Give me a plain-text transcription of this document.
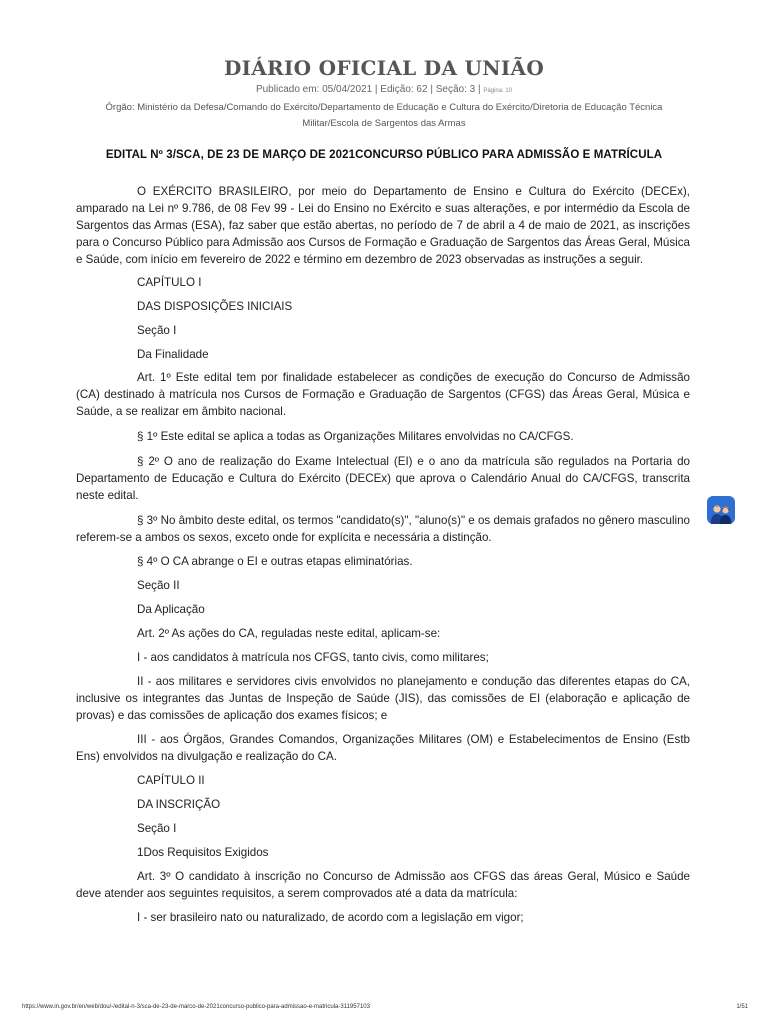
DIÁRIO OFICIAL DA UNIÃO
Publicado em: 05/04/2021 | Edição: 62 | Seção: 3 | Página: 10
Órgão: Ministério da Defesa/Comando do Exército/Departamento de Educação e Cultura do Exército/Diretoria de Educação Técnica
Militar/Escola de Sargentos das Armas
EDITAL Nº 3/SCA, DE 23 DE MARÇO DE 2021CONCURSO PÚBLICO PARA ADMISSÃO E MATRÍCULA

O EXÉRCITO BRASILEIRO, por meio do Departamento de Ensino e Cultura do Exército (DECEx), amparado na Lei nº 9.786, de 08 Fev 99 - Lei do Ensino no Exército e suas alterações, e por intermédio da Escola de Sargentos das Armas (ESA), faz saber que estão abertas, no período de 7 de abril a 4 de maio de 2021, as inscrições para o Concurso Público para Admissão aos Cursos de Formação e Graduação de Sargentos das Áreas Geral, Música e Saúde, com início em fevereiro de 2022 e término em dezembro de 2023 observadas as instruções a seguir.

CAPÍTULO I

DAS DISPOSIÇÕES INICIAIS

Seção I

Da Finalidade

Art. 1º Este edital tem por finalidade estabelecer as condições de execução do Concurso de Admissão (CA) destinado à matrícula nos Cursos de Formação e Graduação de Sargentos (CFGS) das Áreas Geral, Música e Saúde, a se realizar em âmbito nacional.

§ 1º Este edital se aplica a todas as Organizações Militares envolvidas no CA/CFGS.

§ 2º O ano de realização do Exame Intelectual (EI) e o ano da matrícula são regulados na Portaria do Departamento de Educação e Cultura do Exército (DECEx) que aprova o Calendário Anual do CA/CFGS, transcrita neste edital.

§ 3º No âmbito deste edital, os termos "candidato(s)", "aluno(s)" e os demais grafados no gênero masculino referem-se a ambos os sexos, exceto onde for explícita e necessária a distinção.

§ 4º O CA abrange o EI e outras etapas eliminatórias.

Seção II

Da Aplicação

Art. 2º As ações do CA, reguladas neste edital, aplicam-se:

I - aos candidatos à matrícula nos CFGS, tanto civis, como militares;

II - aos militares e servidores civis envolvidos no planejamento e condução das diferentes etapas do CA, inclusive os integrantes das Juntas de Inspeção de Saúde (JIS), das comissões de EI (elaboração e aplicação de provas) e das comissões de aplicação dos exames físicos; e

III - aos Órgãos, Grandes Comandos, Organizações Militares (OM) e Estabelecimentos de Ensino (Estb Ens) envolvidos na divulgação e realização do CA.

CAPÍTULO II

DA INSCRIÇÃO

Seção I

1Dos Requisitos Exigidos

Art. 3º O candidato à inscrição no Concurso de Admissão aos CFGS das áreas Geral, Músico e Saúde deve atender aos seguintes requisitos, a serem comprovados até a data da matrícula:

I - ser brasileiro nato ou naturalizado, de acordo com a legislação em vigor;

https://www.in.gov.br/en/web/dou/-/edital-n-3/sca-de-23-de-marco-de-2021concurso-publico-para-admissao-e-matricula-311957103	1/51
